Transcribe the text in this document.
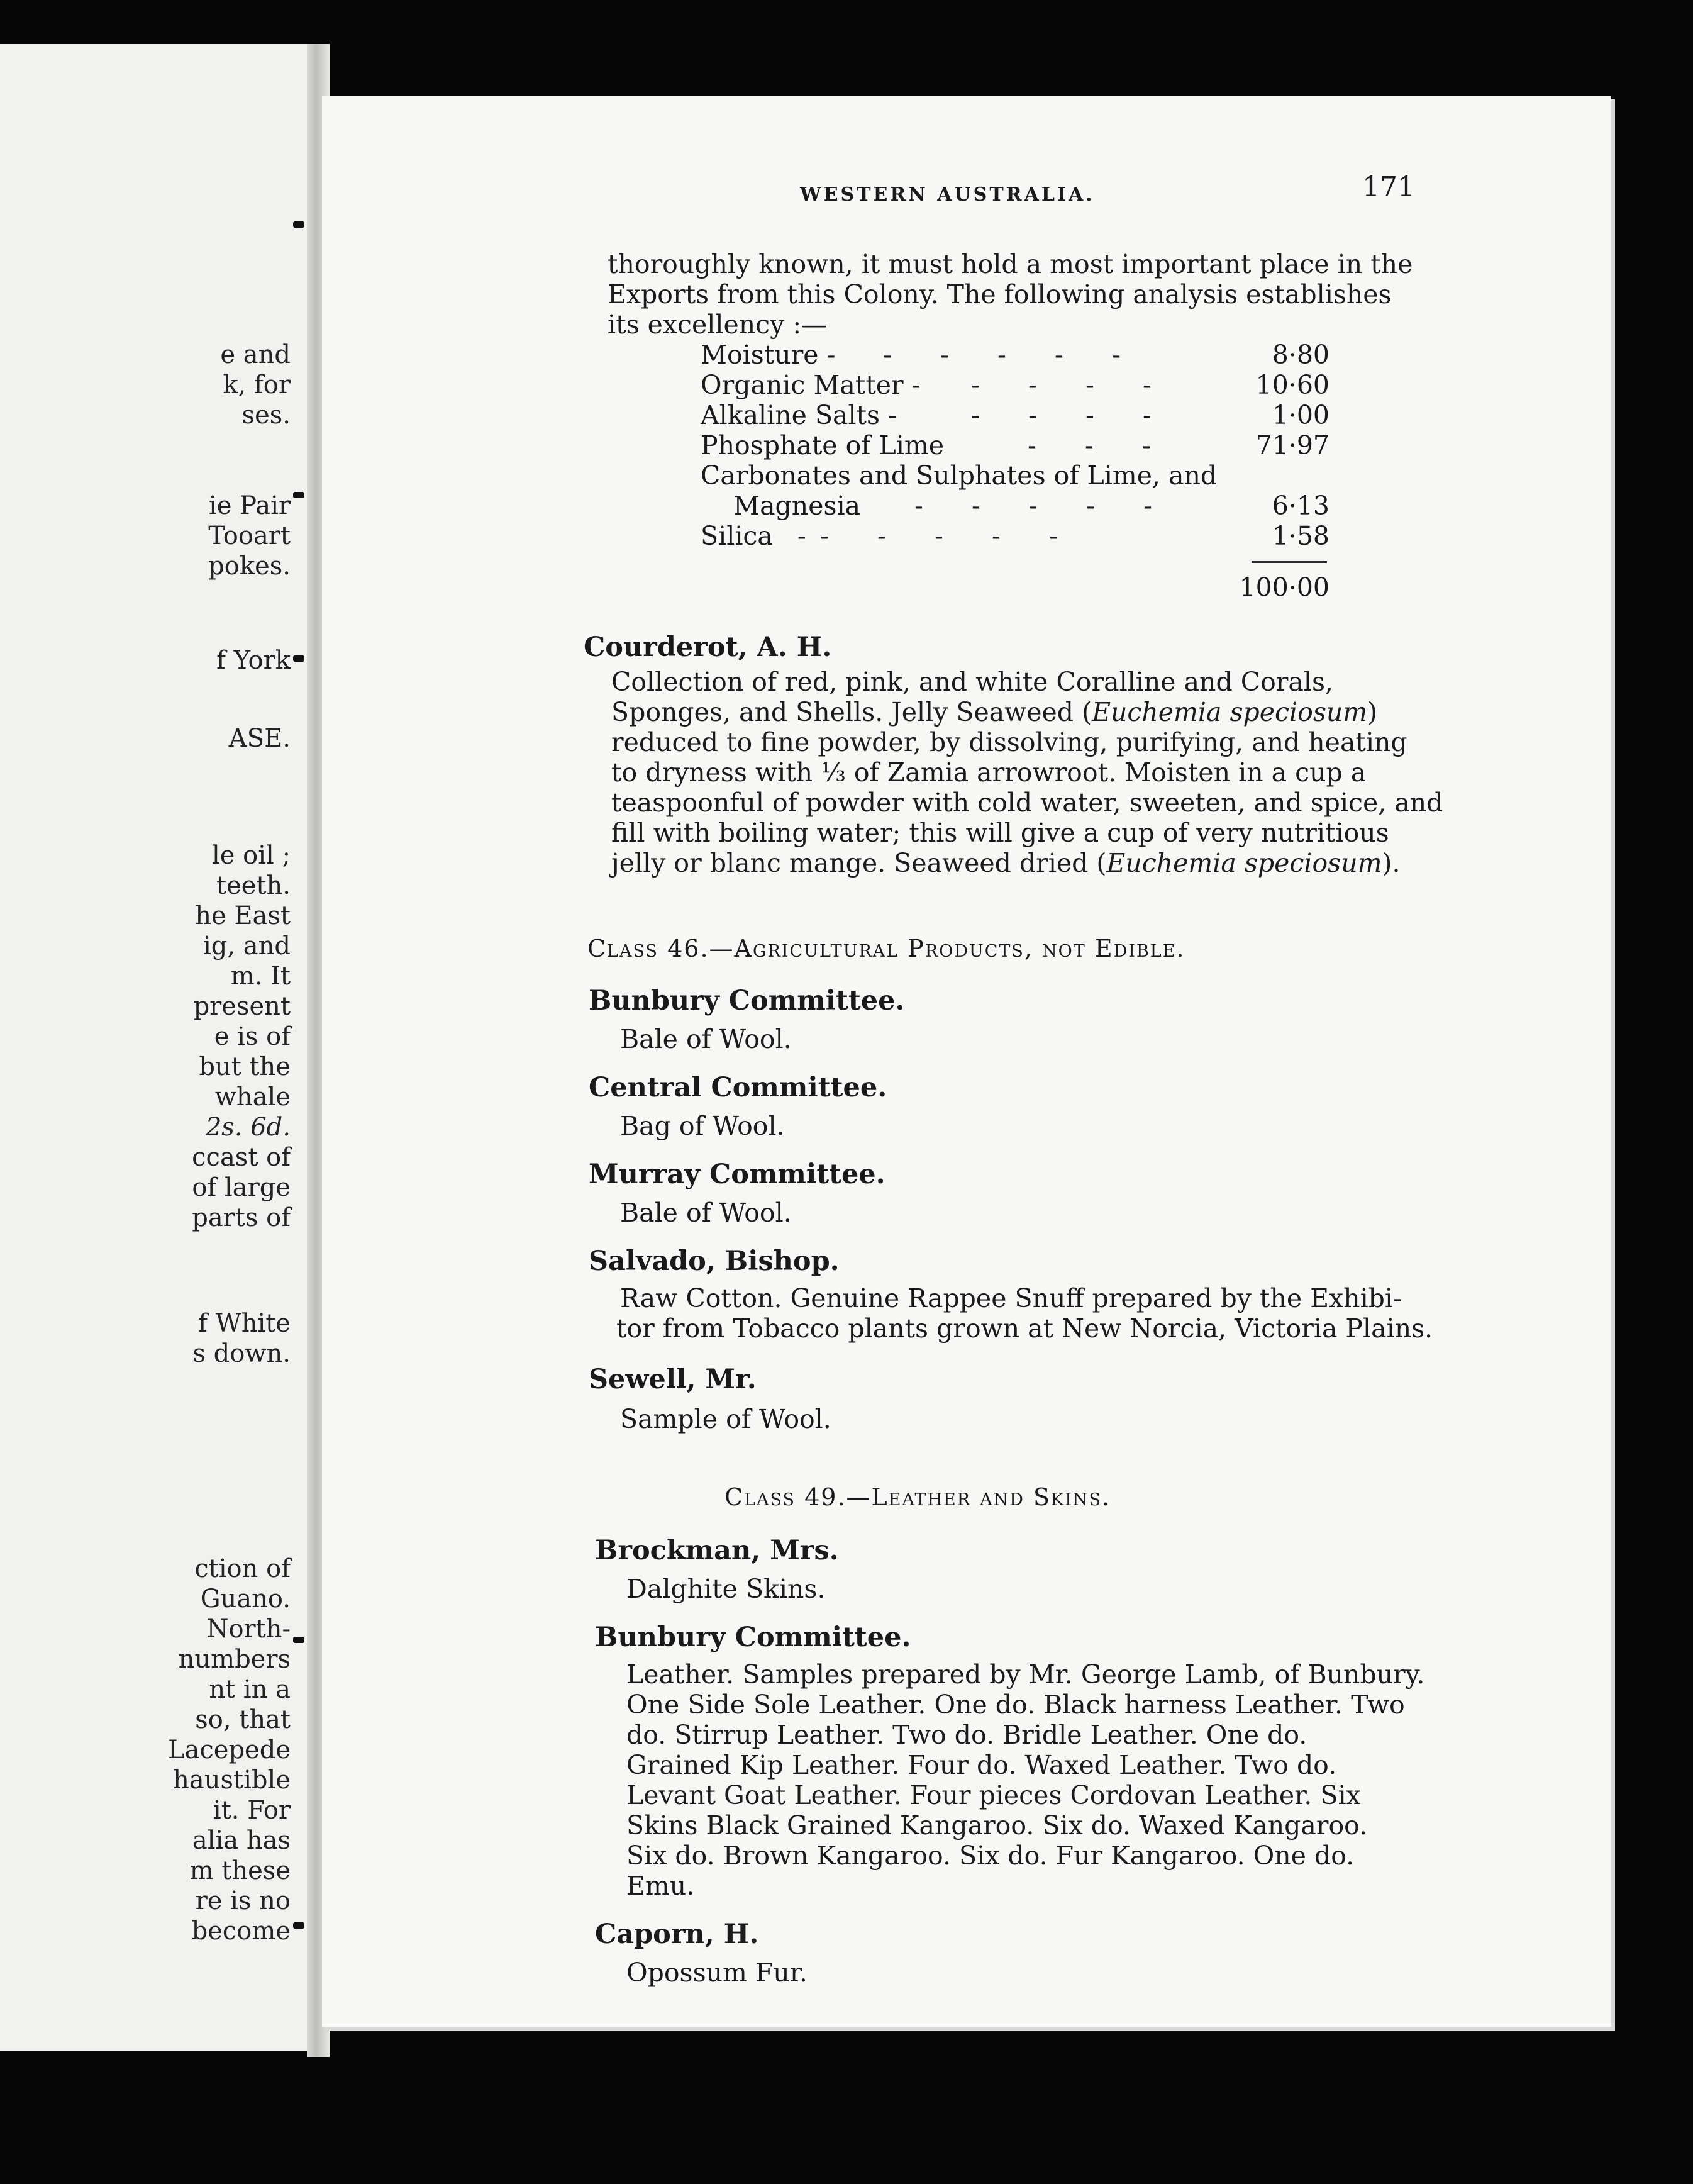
e and
k, for
ses.
ie Pair
Tooart
pokes.
f York
ASE.
le oil ;
teeth.
he East
ig, and
m. It
present
e is of
but the
whale
2s. 6d.
ccast of
of large
parts of
f White
s down.
ction of
Guano.
North-
numbers
nt in a
so, that
Lacepede
haustible
it. For
alia has
m these
re is no
become
WESTERN AUSTRALIA.	171
thoroughly known, it must hold a most important place in the
Exports from this Colony. The following analysis establishes
its excellency :—
Moisture - -     -     -     -     -	8·80
Organic Matter - -     -     -     -	10·60
Alkaline Salts -	-     -     -     -	1·00
Phosphate of Lime	-     -     -	71·97
Carbonates and Sulphates of Lime, and
Magnesia -     -     -     -     -	6·13
Silica   - -     -     -     -     -	1·58
100·00
Courderot, A. H.
Collection of red, pink, and white Coralline and Corals,
Sponges, and Shells. Jelly Seaweed (Euchemia speciosum)
reduced to fine powder, by dissolving, purifying, and heating
to dryness with ⅓ of Zamia arrowroot. Moisten in a cup a
teaspoonful of powder with cold water, sweeten, and spice, and
fill with boiling water; this will give a cup of very nutritious
jelly or blanc mange. Seaweed dried (Euchemia speciosum).
Class 46.—Agricultural Products, not Edible.
Bunbury Committee.
Bale of Wool.
Central Committee.
Bag of Wool.
Murray Committee.
Bale of Wool.
Salvado, Bishop.
Raw Cotton. Genuine Rappee Snuff prepared by the Exhibi-
tor from Tobacco plants grown at New Norcia, Victoria Plains.
Sewell, Mr.
Sample of Wool.
Class 49.—Leather and Skins.
Brockman, Mrs.
Dalghite Skins.
Bunbury Committee.
Leather. Samples prepared by Mr. George Lamb, of Bunbury.
One Side Sole Leather. One do. Black harness Leather. Two
do. Stirrup Leather. Two do. Bridle Leather. One do.
Grained Kip Leather. Four do. Waxed Leather. Two do.
Levant Goat Leather. Four pieces Cordovan Leather. Six
Skins Black Grained Kangaroo. Six do. Waxed Kangaroo.
Six do. Brown Kangaroo. Six do. Fur Kangaroo. One do.
Emu.
Caporn, H.
Opossum Fur.
